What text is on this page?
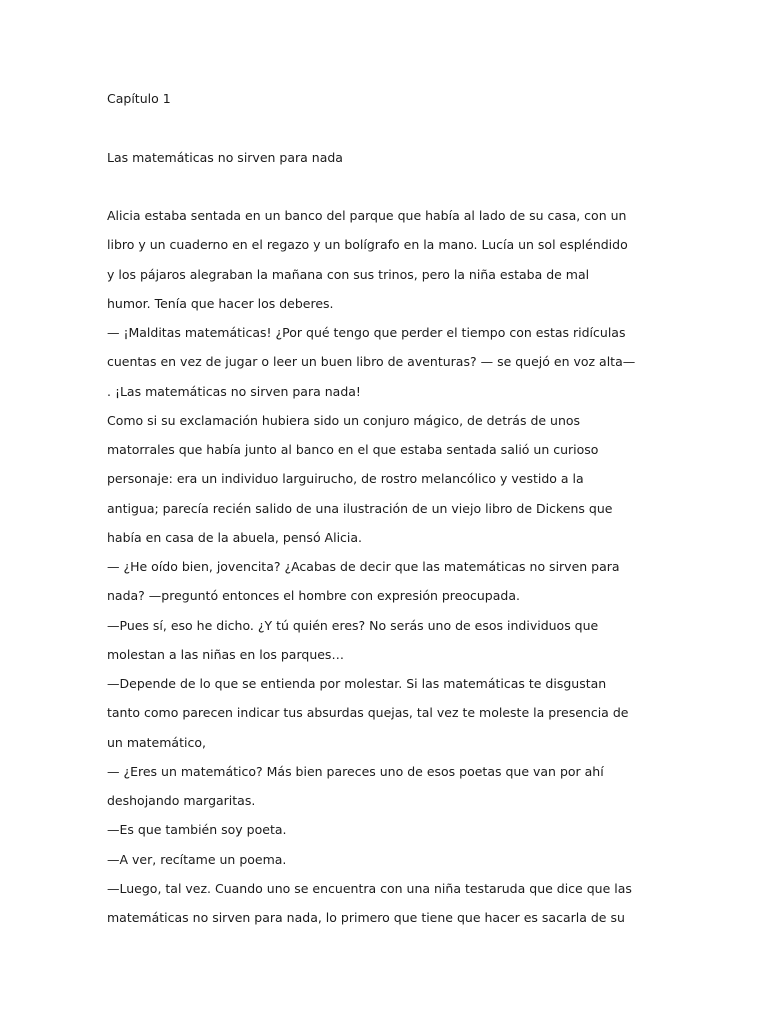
Capítulo 1
Las matemáticas no sirven para nada
Alicia estaba sentada en un banco del parque que había al lado de su casa, con un
libro y un cuaderno en el regazo y un bolígrafo en la mano. Lucía un sol espléndido
y los pájaros alegraban la mañana con sus trinos, pero la niña estaba de mal
humor. Tenía que hacer los deberes.
— ¡Malditas matemáticas! ¿Por qué tengo que perder el tiempo con estas ridículas
cuentas en vez de jugar o leer un buen libro de aventuras? — se quejó en voz alta—
. ¡Las matemáticas no sirven para nada!
Como si su exclamación hubiera sido un conjuro mágico, de detrás de unos
matorrales que había junto al banco en el que estaba sentada salió un curioso
personaje: era un individuo larguirucho, de rostro melancólico y vestido a la
antigua; parecía recién salido de una ilustración de un viejo libro de Dickens que
había en casa de la abuela, pensó Alicia.
— ¿He oído bien, jovencita? ¿Acabas de decir que las matemáticas no sirven para
nada? —preguntó entonces el hombre con expresión preocupada.
—Pues sí, eso he dicho. ¿Y tú quién eres? No serás uno de esos individuos que
molestan a las niñas en los parques…
—Depende de lo que se entienda por molestar. Si las matemáticas te disgustan
tanto como parecen indicar tus absurdas quejas, tal vez te moleste la presencia de
un matemático,
— ¿Eres un matemático? Más bien pareces uno de esos poetas que van por ahí
deshojando margaritas.
—Es que también soy poeta.
—A ver, recítame un poema.
—Luego, tal vez. Cuando uno se encuentra con una niña testaruda que dice que las
matemáticas no sirven para nada, lo primero que tiene que hacer es sacarla de su
